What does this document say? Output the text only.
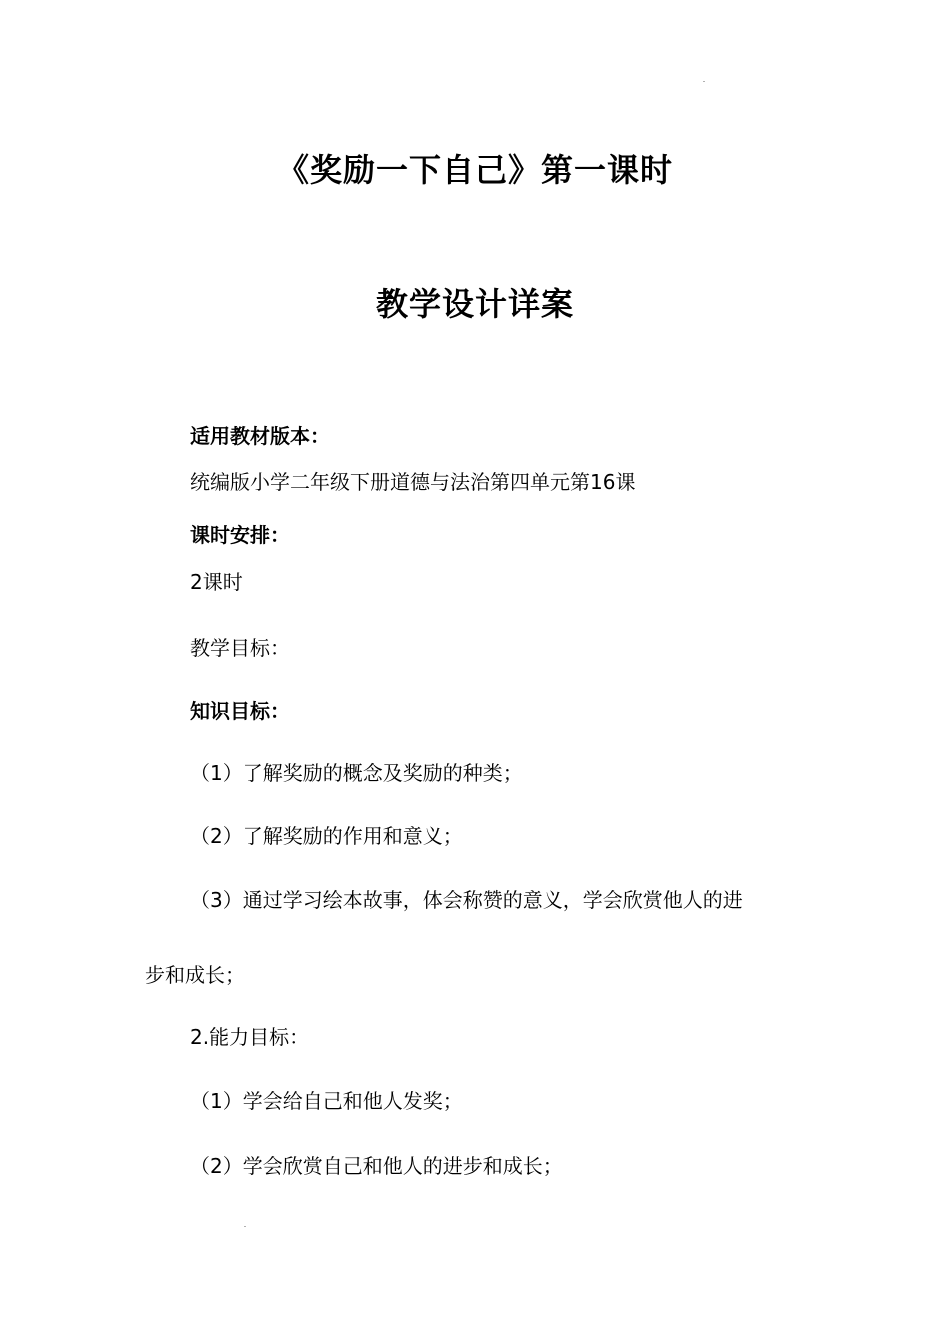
《奖励一下自己》第一课时
教学设计详案
适用教材版本：
统编版小学二年级下册道德与法治第四单元第16课
课时安排：
2课时
教学目标：
知识目标：
（1）了解奖励的概念及奖励的种类；
（2）了解奖励的作用和意义；
（3）通过学习绘本故事，体会称赞的意义，学会欣赏他人的进
步和成长；
2.能力目标：
（1）学会给自己和他人发奖；
（2）学会欣赏自己和他人的进步和成长；
